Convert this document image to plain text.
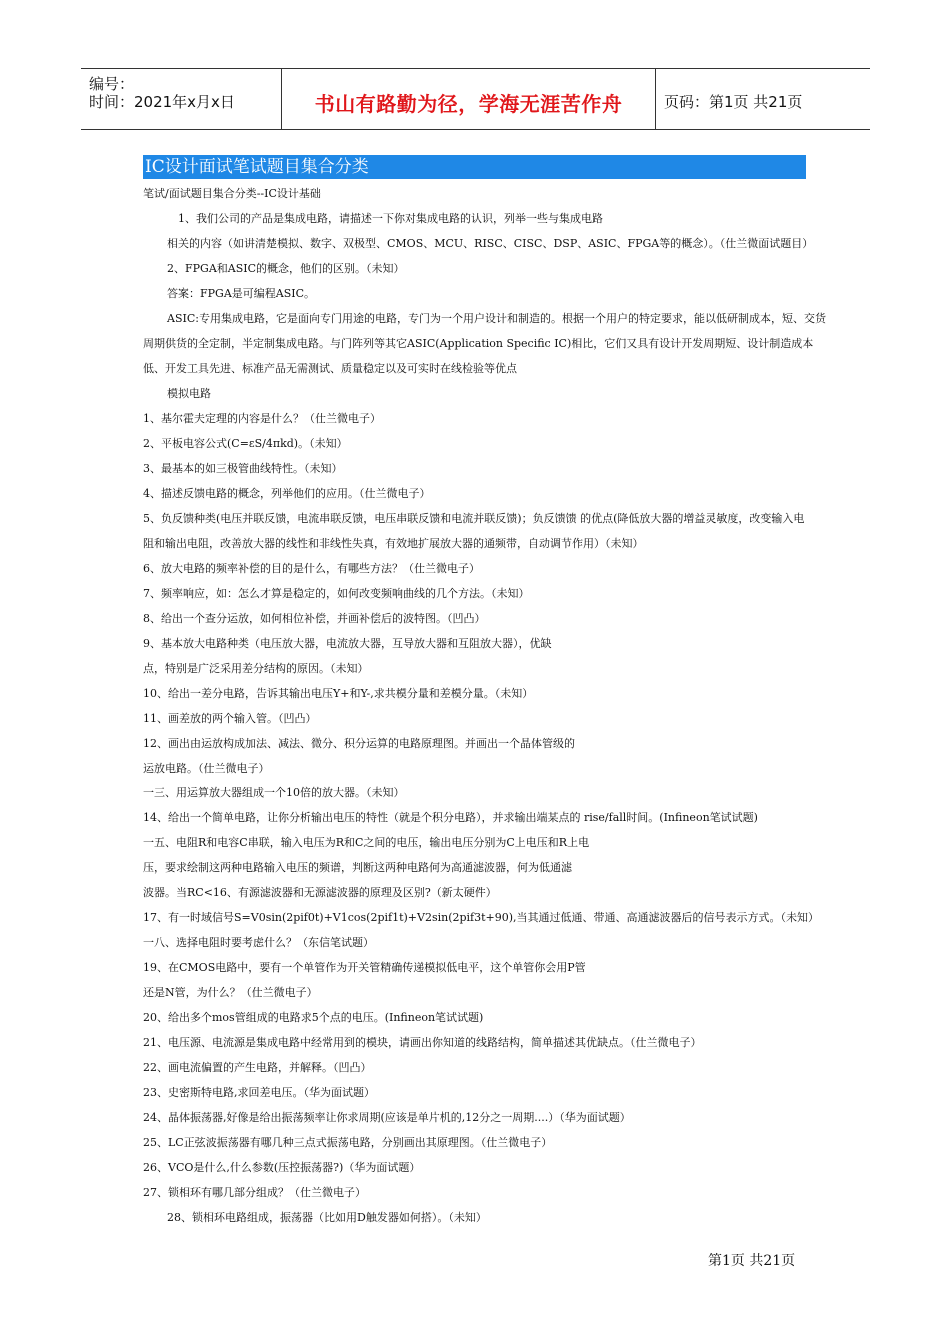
编号：
时间：2021年x月x日	书山有路勤为径，学海无涯苦作舟	页码：第1页 共21页
IC设计面试笔试题目集合分类
笔试/面试题目集合分类--IC设计基础
1、我们公司的产品是集成电路，请描述一下你对集成电路的认识，列举一些与集成电路
相关的内容（如讲清楚模拟、数字、双极型、CMOS、MCU、RISC、CISC、DSP、ASIC、FPGA等的概念）。（仕兰微面试题目）
2、FPGA和ASIC的概念，他们的区别。（未知）
答案：FPGA是可编程ASIC。
ASIC:专用集成电路，它是面向专门用途的电路，专门为一个用户设计和制造的。根据一个用户的特定要求，能以低研制成本，短、交货
周期供货的全定制，半定制集成电路。与门阵列等其它ASIC(Application Specific IC)相比，它们又具有设计开发周期短、设计制造成本
低、开发工具先进、标准产品无需测试、质量稳定以及可实时在线检验等优点
模拟电路
1、基尔霍夫定理的内容是什么？（仕兰微电子）
2、平板电容公式(C=εS/4πkd)。（未知）
3、最基本的如三极管曲线特性。（未知）
4、描述反馈电路的概念，列举他们的应用。（仕兰微电子）
5、负反馈种类(电压并联反馈，电流串联反馈，电压串联反馈和电流并联反馈)；负反馈馈 的优点(降低放大器的增益灵敏度，改变输入电
阻和输出电阻，改善放大器的线性和非线性失真，有效地扩展放大器的通频带，自动调节作用）（未知）
6、放大电路的频率补偿的目的是什么，有哪些方法？（仕兰微电子）
7、频率响应，如：怎么才算是稳定的，如何改变频响曲线的几个方法。（未知）
8、给出一个查分运放，如何相位补偿，并画补偿后的波特图。（凹凸）
9、基本放大电路种类（电压放大器，电流放大器，互导放大器和互阻放大器），优缺
点，特别是广泛采用差分结构的原因。（未知）
10、给出一差分电路，告诉其输出电压Y+和Y-,求共模分量和差模分量。（未知）
11、画差放的两个输入管。（凹凸）
12、画出由运放构成加法、减法、微分、积分运算的电路原理图。并画出一个晶体管级的
运放电路。（仕兰微电子）
一三、用运算放大器组成一个10倍的放大器。（未知）
14、给出一个简单电路，让你分析输出电压的特性（就是个积分电路），并求输出端某点的 rise/fall时间。(Infineon笔试试题)
一五、电阻R和电容C串联，输入电压为R和C之间的电压，输出电压分别为C上电压和R上电
压，要求绘制这两种电路输入电压的频谱，判断这两种电路何为高通滤波器，何为低通滤
波器。当RC<16、有源滤波器和无源滤波器的原理及区别?（新太硬件）
17、有一时域信号S=V0sin(2pif0t)+V1cos(2pif1t)+V2sin(2pif3t+90),当其通过低通、带通、高通滤波器后的信号表示方式。（未知）
一八、选择电阻时要考虑什么？（东信笔试题）
19、在CMOS电路中，要有一个单管作为开关管精确传递模拟低电平，这个单管你会用P管
还是N管，为什么？（仕兰微电子）
20、给出多个mos管组成的电路求5个点的电压。(Infineon笔试试题)
21、电压源、电流源是集成电路中经常用到的模块，请画出你知道的线路结构，简单描述其优缺点。（仕兰微电子）
22、画电流偏置的产生电路，并解释。（凹凸）
23、史密斯特电路,求回差电压。（华为面试题）
24、晶体振荡器,好像是给出振荡频率让你求周期(应该是单片机的,12分之一周期....）（华为面试题）
25、LC正弦波振荡器有哪几种三点式振荡电路，分别画出其原理图。（仕兰微电子）
26、VCO是什么,什么参数(压控振荡器?)（华为面试题）
27、锁相环有哪几部分组成？（仕兰微电子）
28、锁相环电路组成，振荡器（比如用D触发器如何搭）。（未知）
第1页 共21页
